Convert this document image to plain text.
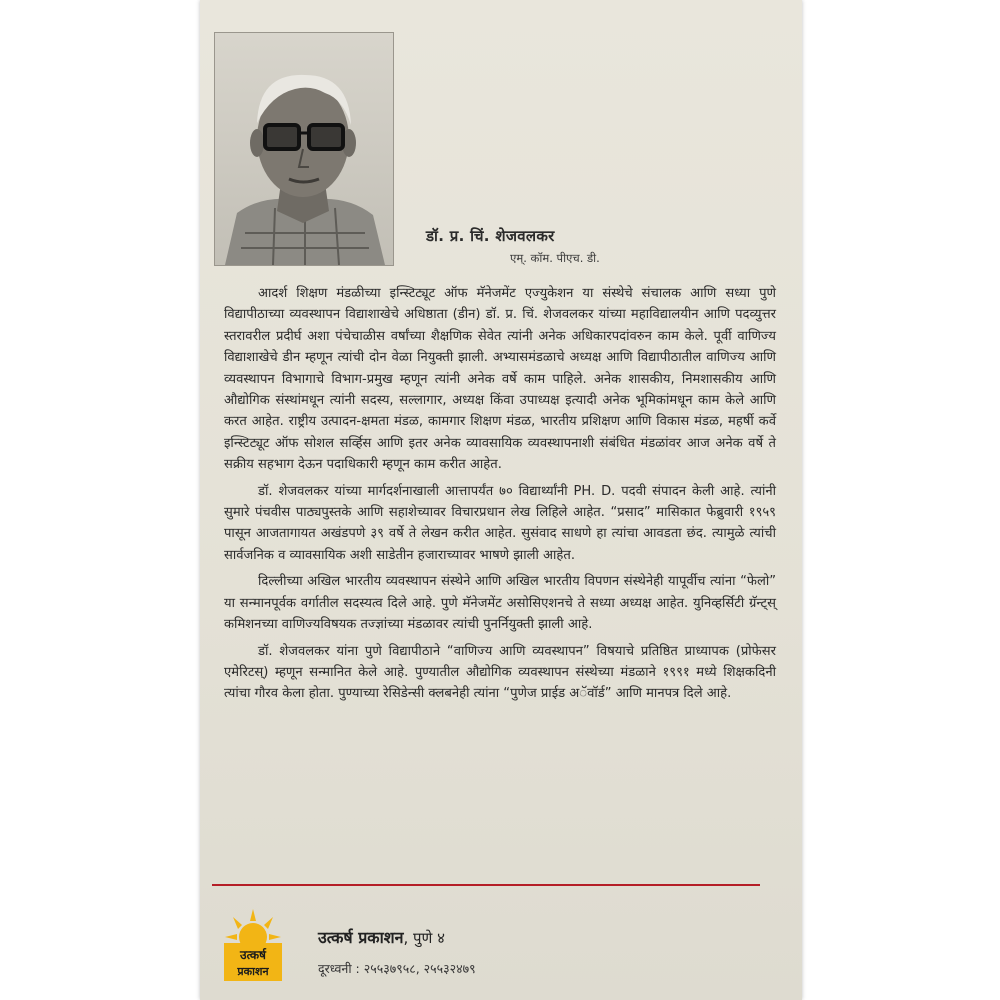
डॉ. प्र. चिं. शेजवलकर
एम्. कॉम. पीएच. डी.

आदर्श शिक्षण मंडळीच्या इन्स्टिट्यूट ऑफ मॅनेजमेंट एज्युकेशन या संस्थेचे संचालक आणि सध्या पुणे विद्यापीठाच्या व्यवस्थापन विद्याशाखेचे अधिष्ठाता (डीन) डॉ. प्र. चिं. शेजवलकर यांच्या महाविद्यालयीन आणि पदव्युत्तर स्तरावरील प्रदीर्घ अशा पंचेचाळीस वर्षांच्या शैक्षणिक सेवेत त्यांनी अनेक अधिकारपदांवरुन काम केले. पूर्वी वाणिज्य विद्याशाखेचे डीन म्हणून त्यांची दोन वेळा नियुक्ती झाली. अभ्यासमंडळाचे अध्यक्ष आणि विद्यापीठातील वाणिज्य आणि व्यवस्थापन विभागाचे विभाग-प्रमुख म्हणून त्यांनी अनेक वर्षे काम पाहिले. अनेक शासकीय, निमशासकीय आणि औद्योगिक संस्थांमधून त्यांनी सदस्य, सल्लागार, अध्यक्ष किंवा उपाध्यक्ष इत्यादी अनेक भूमिकांमधून काम केले आणि करत आहेत. राष्ट्रीय उत्पादन-क्षमता मंडळ, कामगार शिक्षण मंडळ, भारतीय प्रशिक्षण आणि विकास मंडळ, महर्षी कर्वे इन्स्टिट्यूट ऑफ सोशल सर्व्हिस आणि इतर अनेक व्यावसायिक व्यवस्थापनाशी संबंधित मंडळांवर आज अनेक वर्षे ते सक्रीय सहभाग देऊन पदाधिकारी म्हणून काम करीत आहेत.

डॉ. शेजवलकर यांच्या मार्गदर्शनाखाली आत्तापर्यंत ७० विद्यार्थ्यांनी PH. D. पदवी संपादन केली आहे. त्यांनी सुमारे पंचवीस पाठ्यपुस्तके आणि सहाशेच्यावर विचारप्रधान लेख लिहिले आहेत. “प्रसाद” मासिकात फेब्रुवारी १९५९ पासून आजतागायत अखंडपणे ३९ वर्षे ते लेखन करीत आहेत. सुसंवाद साधणे हा त्यांचा आवडता छंद. त्यामुळे त्यांची सार्वजनिक व व्यावसायिक अशी साडेतीन हजाराच्यावर भाषणे झाली आहेत.

दिल्लीच्या अखिल भारतीय व्यवस्थापन संस्थेने आणि अखिल भारतीय विपणन संस्थेनेही यापूर्वीच त्यांना “फेलो” या सन्मानपूर्वक वर्गातील सदस्यत्व दिले आहे. पुणे मॅनेजमेंट असोसिएशनचे ते सध्या अध्यक्ष आहेत. युनिव्हर्सिटी ग्रॅन्ट्स् कमिशनच्या वाणिज्यविषयक तज्ज्ञांच्या मंडळावर त्यांची पुनर्नियुक्ती झाली आहे.

डॉ. शेजवलकर यांना पुणे विद्यापीठाने “वाणिज्य आणि व्यवस्थापन” विषयाचे प्रतिष्ठित प्राध्यापक (प्रोफेसर एमेरिटस्) म्हणून सन्मानित केले आहे. पुण्यातील औद्योगिक व्यवस्थापन संस्थेच्या मंडळाने १९९१ मध्ये शिक्षकदिनी त्यांचा गौरव केला होता. पुण्याच्या रेसिडेन्सी क्लबनेही त्यांना “पुणेज प्राईड अॅवॉर्ड” आणि मानपत्र दिले आहे.

उत्कर्ष
प्रकाशन
उत्कर्ष प्रकाशन, पुणे ४
दूरध्वनी : २५५३७९५८, २५५३२४७९
